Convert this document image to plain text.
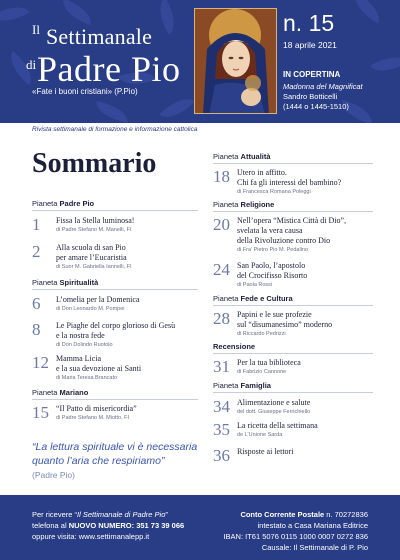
Il Settimanale
di Padre Pio
«Fate i buoni cristiani» (P.Pio)
n. 15
18 aprile 2021
IN COPERTINA
Madonna del Magnificat
Sandro Botticelli
(1444 o 1445-1510)
Rivista settimanale di formazione e informazione cattolica
Sommario
Pianeta Padre Pio
1 Fissa la Stella luminosa!
di Padre Stefano M. Manelli, FI
2 Alla scuola di san Pio
per amare l’Eucaristia
di Suor M. Gabriella Iannelli, FI
Pianeta Spiritualità
6 L’omelia per la Domenica
di Don Leonardo M. Pompei
8 Le Piaghe del corpo glorioso di Gesù
e la nostra fede
di Don Dolindo Ruotolo
12 Mamma Licia
e la sua devozione ai Santi
di Maria Teresa Brancato
Pianeta Mariano
15 “Il Patto di misericordia”
di Padre Stefano M. Miotto, FI
Pianeta Attualità
18 Utero in affitto.
Chi fa gli interessi del bambino?
di Francesca Romana Poleggi
Pianeta Religione
20 Nell’opera “Mistica Città di Dio”,
svelata la vera causa
della Rivoluzione contro Dio
di Fra’ Pietro Pio M. Pedalino
24 San Paolo, l’apostolo
del Crocifisso Risorto
di Paola Rossi
Pianeta Fede e Cultura
28 Papini e le sue profezie
sul “disumanesimo” moderno
di Riccardo Pedrizzi
Recensione
31 Per la tua biblioteca
di Fabrizio Cannone
Pianeta Famiglia
34 Alimentazione e salute
del dott. Giuseppe Ferrichiello
35 La ricetta della settimana
de L’Unione Sarda
36 Risposte ai lettori
“La lettura spirituale vi è necessaria
quanto l’aria che respiriamo”
(Padre Pio)
Per ricevere “Il Settimanale di Padre Pio”
telefona al NUOVO NUMERO: 351 73 39 066
oppure visita: www.settimanalepp.it
Conto Corrente Postale n. 70272836
intestato a Casa Mariana Editrice
IBAN: IT61 5076 0115 1000 0007 0272 836
Causale: Il Settimanale di P. Pio
